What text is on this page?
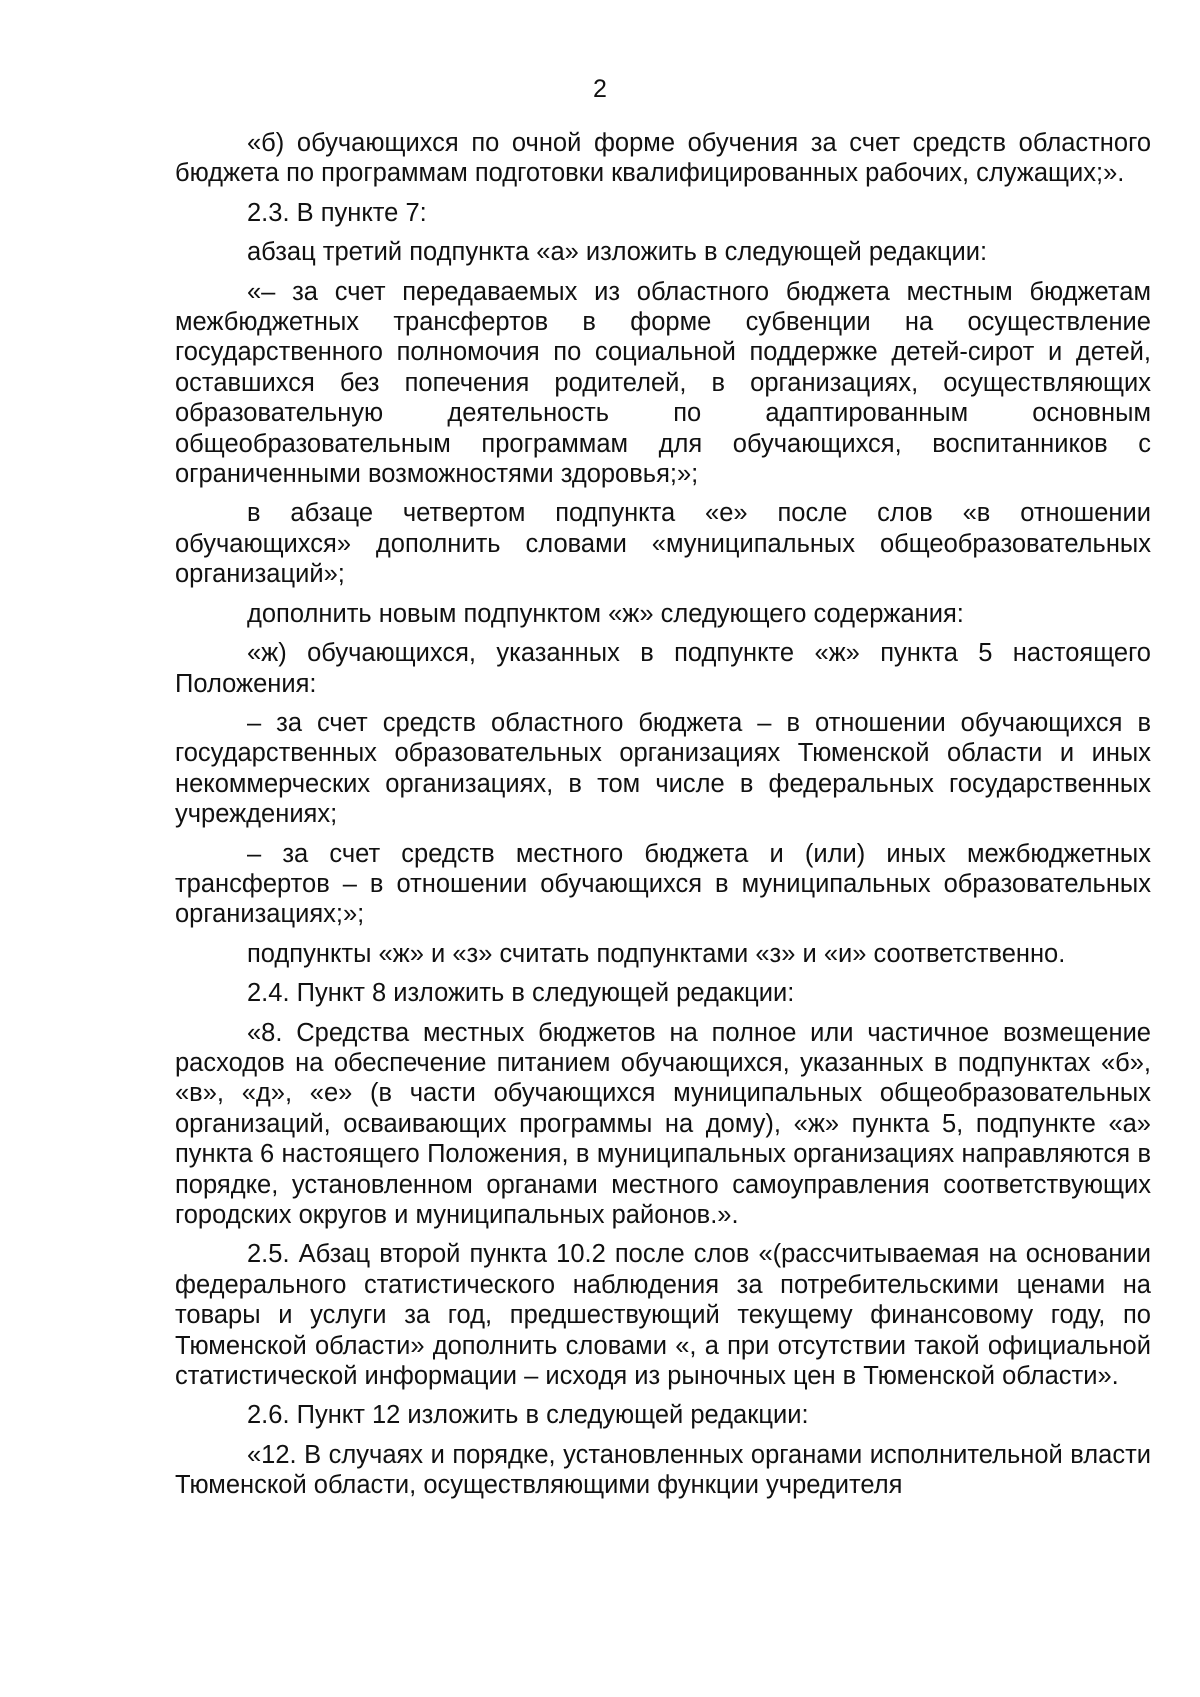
2

«б) обучающихся по очной форме обучения за счет средств областного бюджета по программам подготовки квалифицированных рабочих, служащих;».

2.3. В пункте 7:

абзац третий подпункта «а» изложить в следующей редакции:

«– за счет передаваемых из областного бюджета местным бюджетам межбюджетных трансфертов в форме субвенции на осуществление государственного полномочия по социальной поддержке детей-сирот и детей, оставшихся без попечения родителей, в организациях, осуществляющих образовательную деятельность по адаптированным основным общеобразовательным программам для обучающихся, воспитанников с ограниченными возможностями здоровья;»;

в абзаце четвертом подпункта «е» после слов «в отношении обучающихся» дополнить словами «муниципальных общеобразовательных организаций»;

дополнить новым подпунктом «ж» следующего содержания:

«ж) обучающихся, указанных в подпункте «ж» пункта 5 настоящего Положения:

– за счет средств областного бюджета – в отношении обучающихся в государственных образовательных организациях Тюменской области и иных некоммерческих организациях, в том числе в федеральных государственных учреждениях;

– за счет средств местного бюджета и (или) иных межбюджетных трансфертов – в отношении обучающихся в муниципальных образовательных организациях;»;

подпункты «ж» и «з» считать подпунктами «з» и «и» соответственно.

2.4. Пункт 8 изложить в следующей редакции:

«8. Средства местных бюджетов на полное или частичное возмещение расходов на обеспечение питанием обучающихся, указанных в подпунктах «б», «в», «д», «е» (в части обучающихся муниципальных общеобразовательных организаций, осваивающих программы на дому), «ж» пункта 5, подпункте «а» пункта 6 настоящего Положения, в муниципальных организациях направляются в порядке, установленном органами местного самоуправления соответствующих городских округов и муниципальных районов.».

2.5. Абзац второй пункта 10.2 после слов «(рассчитываемая на основании федерального статистического наблюдения за потребительскими ценами на товары и услуги за год, предшествующий текущему финансовому году, по Тюменской области» дополнить словами «, а при отсутствии такой официальной статистической информации – исходя из рыночных цен в Тюменской области».

2.6. Пункт 12 изложить в следующей редакции:

«12. В случаях и порядке, установленных органами исполнительной власти Тюменской области, осуществляющими функции учредителя
